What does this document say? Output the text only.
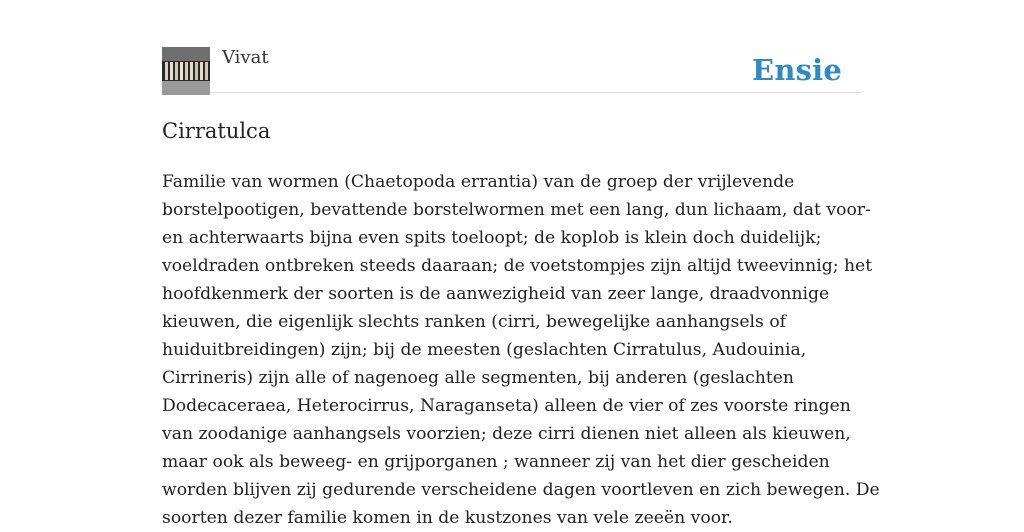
Vivat	Ensie
Cirratulca

Familie van wormen (Chaetopoda errantia) van de groep der vrijlevende
borstelpootigen, bevattende borstelwormen met een lang, dun lichaam, dat voor-
en achterwaarts bijna even spits toeloopt; de koplob is klein doch duidelijk;
voeldraden ontbreken steeds daaraan; de voetstompjes zijn altijd tweevinnig; het
hoofdkenmerk der soorten is de aanwezigheid van zeer lange, draadvonnige
kieuwen, die eigenlijk slechts ranken (cirri, bewegelijke aanhangsels of
huiduitbreidingen) zijn; bij de meesten (geslachten Cirratulus, Audouinia,
Cirrineris) zijn alle of nagenoeg alle segmenten, bij anderen (geslachten
Dodecaceraea, Heterocirrus, Naraganseta) alleen de vier of zes voorste ringen
van zoodanige aanhangsels voorzien; deze cirri dienen niet alleen als kieuwen,
maar ook als beweeg- en grijporganen ; wanneer zij van het dier gescheiden
worden blijven zij gedurende verscheidene dagen voortleven en zich bewegen. De
soorten dezer familie komen in de kustzones van vele zeeën voor.
